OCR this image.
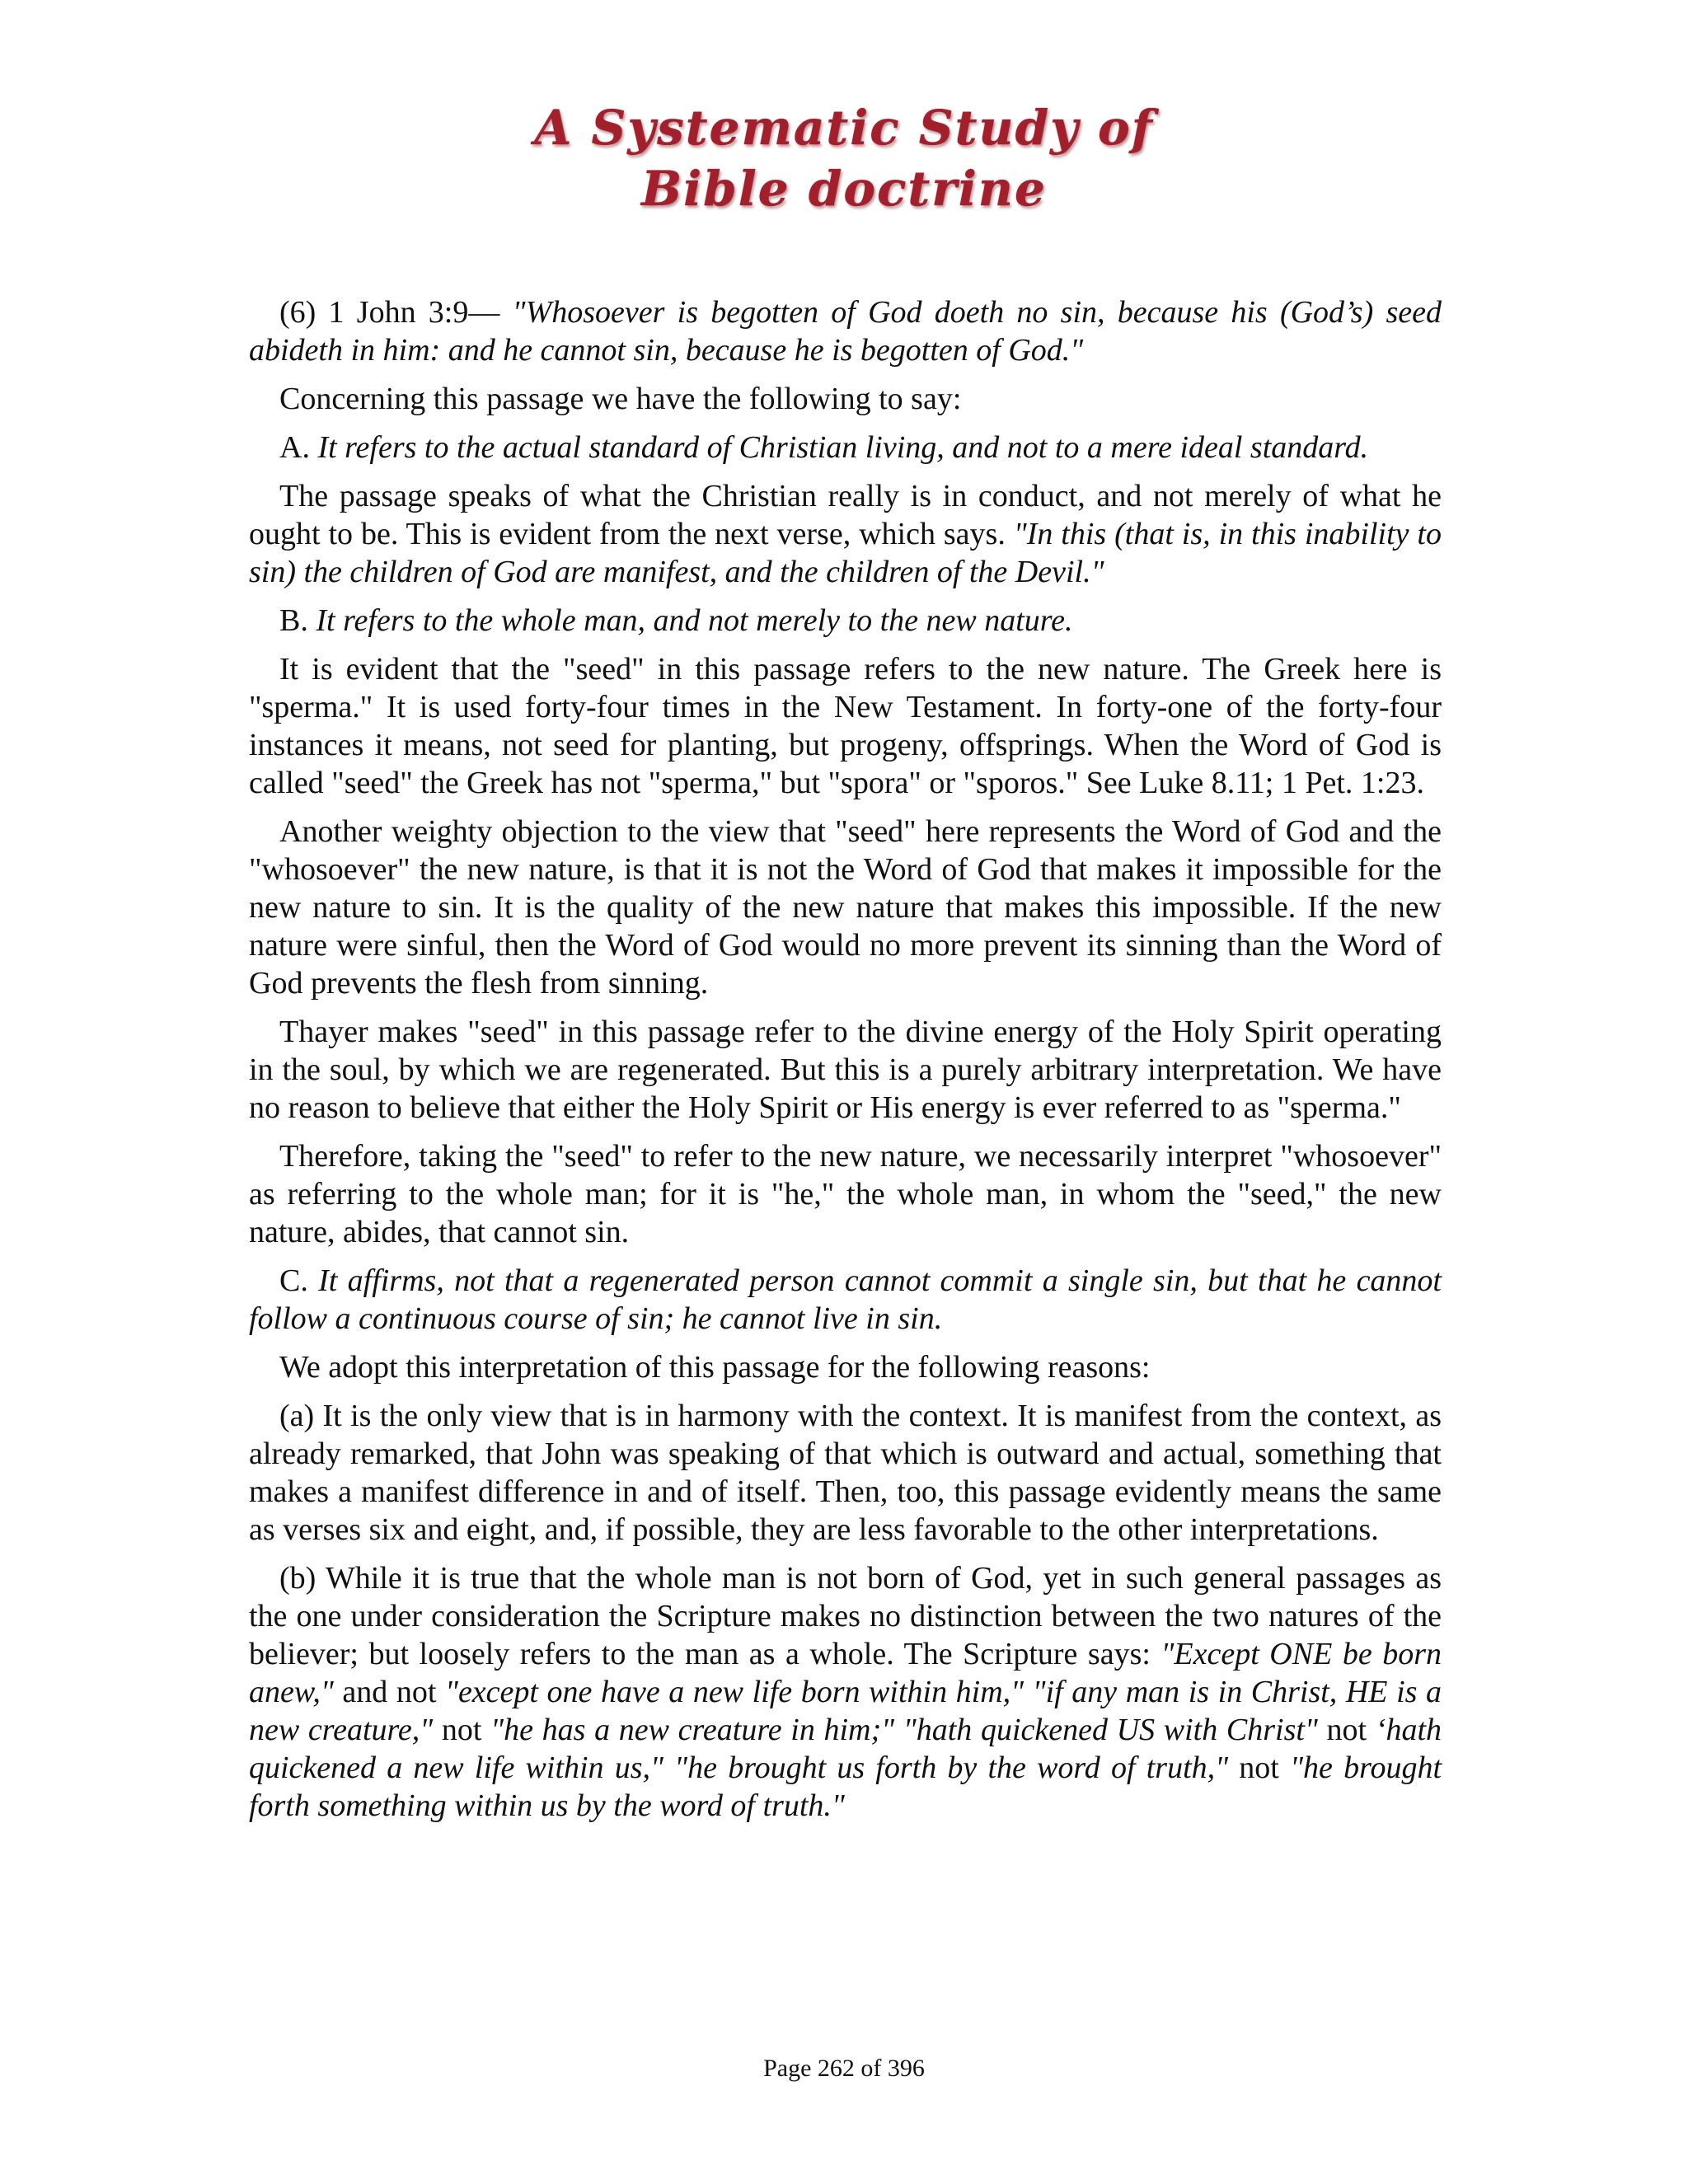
A Systematic Study of
Bible doctrine

(6) 1 John 3:9— "Whosoever is begotten of God doeth no sin, because his (God’s) seed abideth in him: and he cannot sin, because he is begotten of God."

Concerning this passage we have the following to say:

A. It refers to the actual standard of Christian living, and not to a mere ideal standard.

The passage speaks of what the Christian really is in conduct, and not merely of what he ought to be. This is evident from the next verse, which says. "In this (that is, in this inability to sin) the children of God are manifest, and the children of the Devil."

B. It refers to the whole man, and not merely to the new nature.

It is evident that the "seed" in this passage refers to the new nature. The Greek here is "sperma." It is used forty-four times in the New Testament. In forty-one of the forty-four instances it means, not seed for planting, but progeny, offsprings. When the Word of God is called "seed" the Greek has not "sperma," but "spora" or "sporos." See Luke 8.11; 1 Pet. 1:23.

Another weighty objection to the view that "seed" here represents the Word of God and the "whosoever" the new nature, is that it is not the Word of God that makes it impossible for the new nature to sin. It is the quality of the new nature that makes this impossible. If the new nature were sinful, then the Word of God would no more prevent its sinning than the Word of God prevents the flesh from sinning.

Thayer makes "seed" in this passage refer to the divine energy of the Holy Spirit operating in the soul, by which we are regenerated. But this is a purely arbitrary interpretation. We have no reason to believe that either the Holy Spirit or His energy is ever referred to as "sperma."

Therefore, taking the "seed" to refer to the new nature, we necessarily interpret "whosoever" as referring to the whole man; for it is "he," the whole man, in whom the "seed," the new nature, abides, that cannot sin.

C. It affirms, not that a regenerated person cannot commit a single sin, but that he cannot follow a continuous course of sin; he cannot live in sin.

We adopt this interpretation of this passage for the following reasons:

(a) It is the only view that is in harmony with the context. It is manifest from the context, as already remarked, that John was speaking of that which is outward and actual, something that makes a manifest difference in and of itself. Then, too, this passage evidently means the same as verses six and eight, and, if possible, they are less favorable to the other interpretations.

(b) While it is true that the whole man is not born of God, yet in such general passages as the one under consideration the Scripture makes no distinction between the two natures of the believer; but loosely refers to the man as a whole. The Scripture says: "Except ONE be born anew," and not "except one have a new life born within him," "if any man is in Christ, HE is a new creature," not "he has a new creature in him;" "hath quickened US with Christ" not ‘hath quickened a new life within us," "he brought us forth by the word of truth," not "he brought forth something within us by the word of truth."

Page 262 of 396
